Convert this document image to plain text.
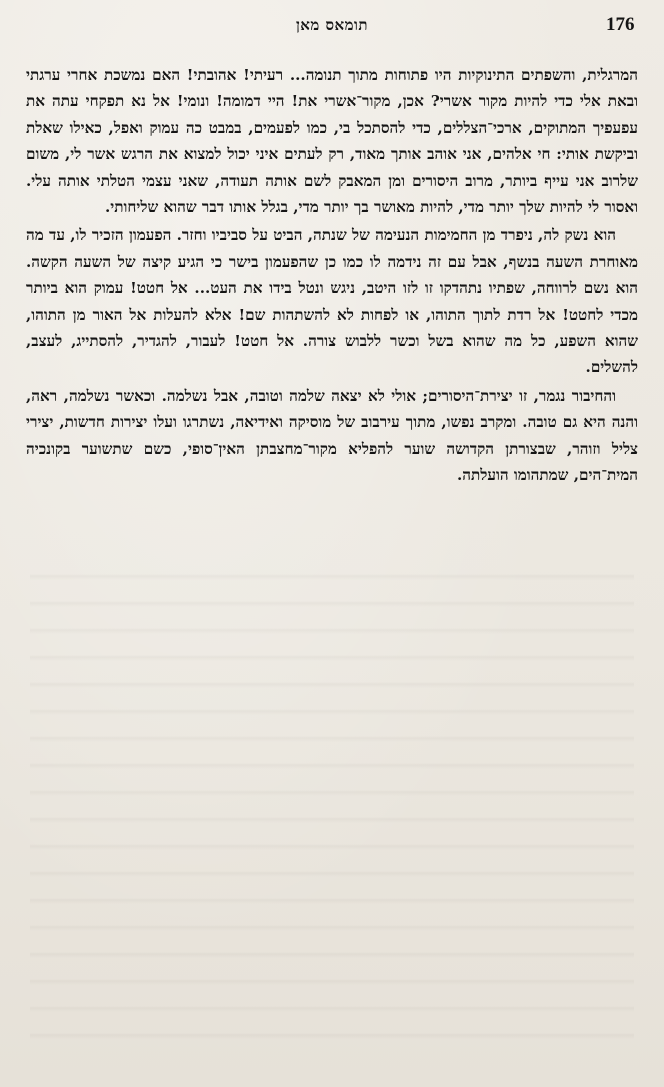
176
תומאס מאן

המרגלית, והשפתים התינוקיות היו פתוחות מתוך תנומה... רעיתי! אהובתי! האם נמשכת אחרי ערגתי ובאת אלי כדי להיות מקור אשרי? אכן, מקור־אשרי את! היי דמומה! ונומי! אל נא תפקחי עתה את עפעפיך המתוקים, ארכי־הצללים, כדי להסתכל בי, כמו לפעמים, במבט כה עמוק ואפל, כאילו שאלת וביקשת אותי: חי אלהים, אני אוהב אותך מאוד, רק לעתים איני יכול למצוא את הרגש אשר לי, משום שלרוב אני עייף ביותר, מרוב היסורים ומן המאבק לשם אותה תעודה, שאני עצמי הטלתי אותה עלי. ואסור לי להיות שלך יותר מדי, להיות מאושר בך יותר מדי, בגלל אותו דבר שהוא שליחותי.

הוא נשק לה, ניפרד מן החמימות הנעימה של שנתה, הביט על סביביו וחזר. הפעמון הזכיר לו, עד מה מאוחרת השעה בנשף, אבל עם זה נידמה לו כמו כן שהפעמון בישר כי הגיע קיצה של השעה הקשה. הוא נשם לרווחה, שפתיו נתהדקו זו לזו היטב, ניגש ונטל בידו את העט... אל חטט! עמוק הוא ביותר מכדי לחטט! אל רדת לתוך התוהו, או לפחות לא להשתהות שם! אלא להעלות אל האור מן התוהו, שהוא השפע, כל מה שהוא בשל וכשר ללבוש צורה. אל חטט! לעבור, להגדיר, להסתייג, לעצב, להשלים.

והחיבור נגמר, זו יצירת־היסורים; אולי לא יצאה שלמה וטובה, אבל נשלמה. וכאשר נשלמה, ראה, והנה היא גם טובה. ומקרב נפשו, מתוך עירבוב של מוסיקה ואידיאה, נשתרגו ועלו יצירות חדשות, יצירי צליל וזוהר, שבצורתן הקדושה שוער להפליא מקור־מחצבתן האין־סופי, כשם שתשוער בקונכיה המית־הים, שמתהומו הועלתה.
